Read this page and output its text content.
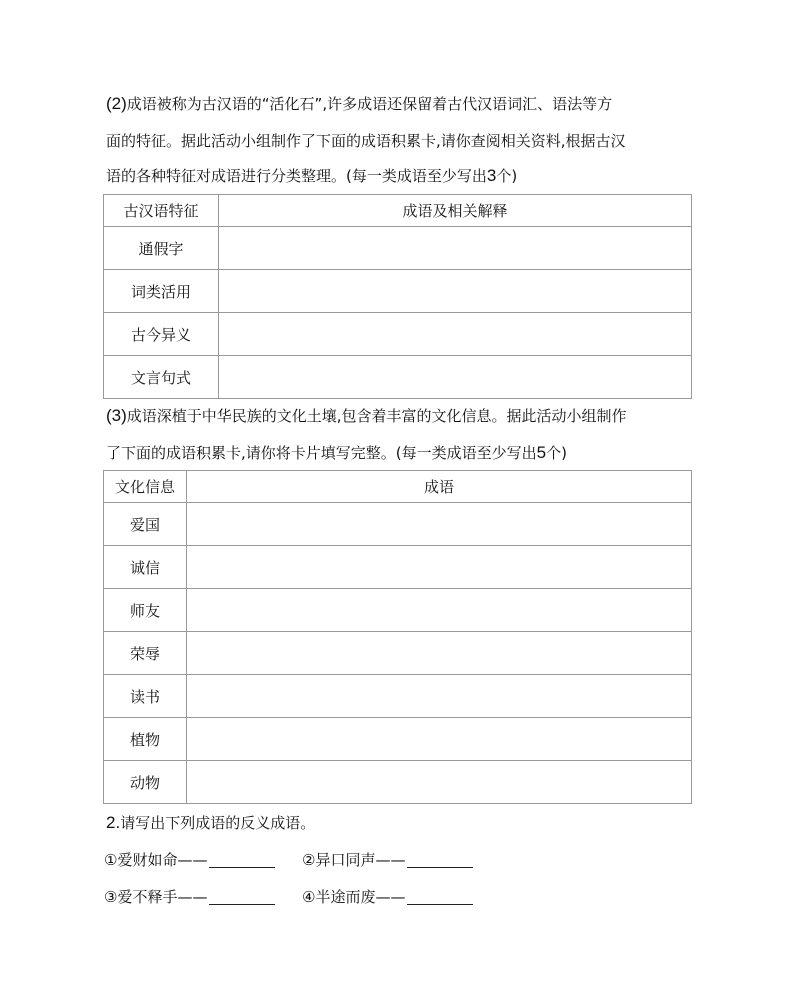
(2)成语被称为古汉语的“活化石”,许多成语还保留着古代汉语词汇、语法等方

面的特征。据此活动小组制作了下面的成语积累卡,请你查阅相关资料,根据古汉

语的各种特征对成语进行分类整理。(每一类成语至少写出3个)

古汉语特征	成语及相关解释
通假字	
词类活用	
古今异义	
文言句式	

(3)成语深植于中华民族的文化土壤,包含着丰富的文化信息。据此活动小组制作

了下面的成语积累卡,请你将卡片填写完整。(每一类成语至少写出5个)

文化信息	成语
爱国	
诚信	
师友	
荣辱	
读书	
植物	
动物	

2.请写出下列成语的反义成语。

①爱财如命——	②异口同声——
③爱不释手——	④半途而废——
